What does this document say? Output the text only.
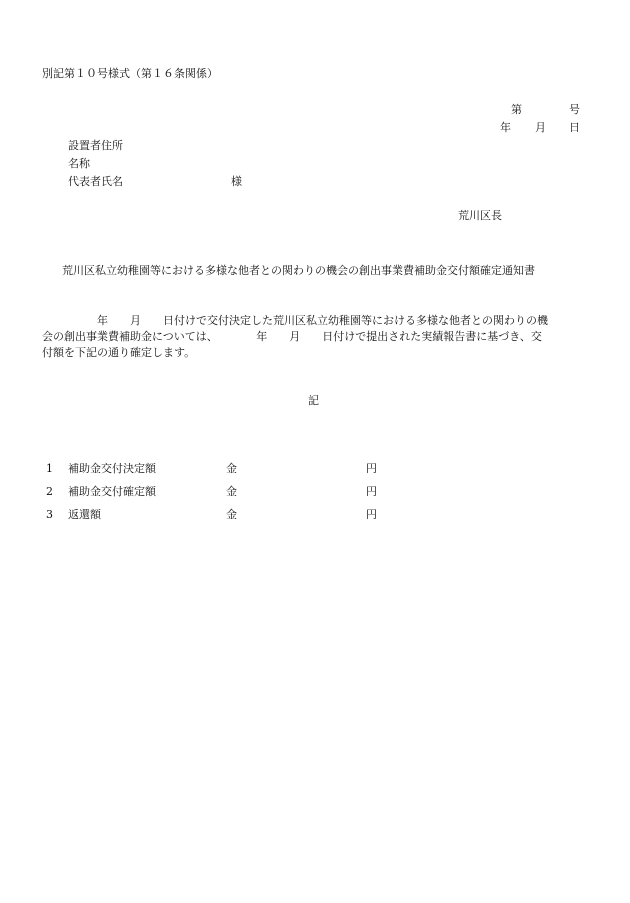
別記第１０号様式（第１６条関係）
第	号
年 月 日
設置者住所
名称
代表者氏名	様
荒川区長
荒川区私立幼稚園等における多様な他者との関わりの機会の創出事業費補助金交付額確定通知書
　　　　　年　　月　　日付けで交付決定した荒川区私立幼稚園等における多様な他者との関わりの機
会の創出事業費補助金については、　　　　年　　月　　日付けで提出された実績報告書に基づき、交
付額を下記の通り確定します。
記
1 補助金交付決定額	金	円
2 補助金交付確定額	金	円
3 返還額	金	円
